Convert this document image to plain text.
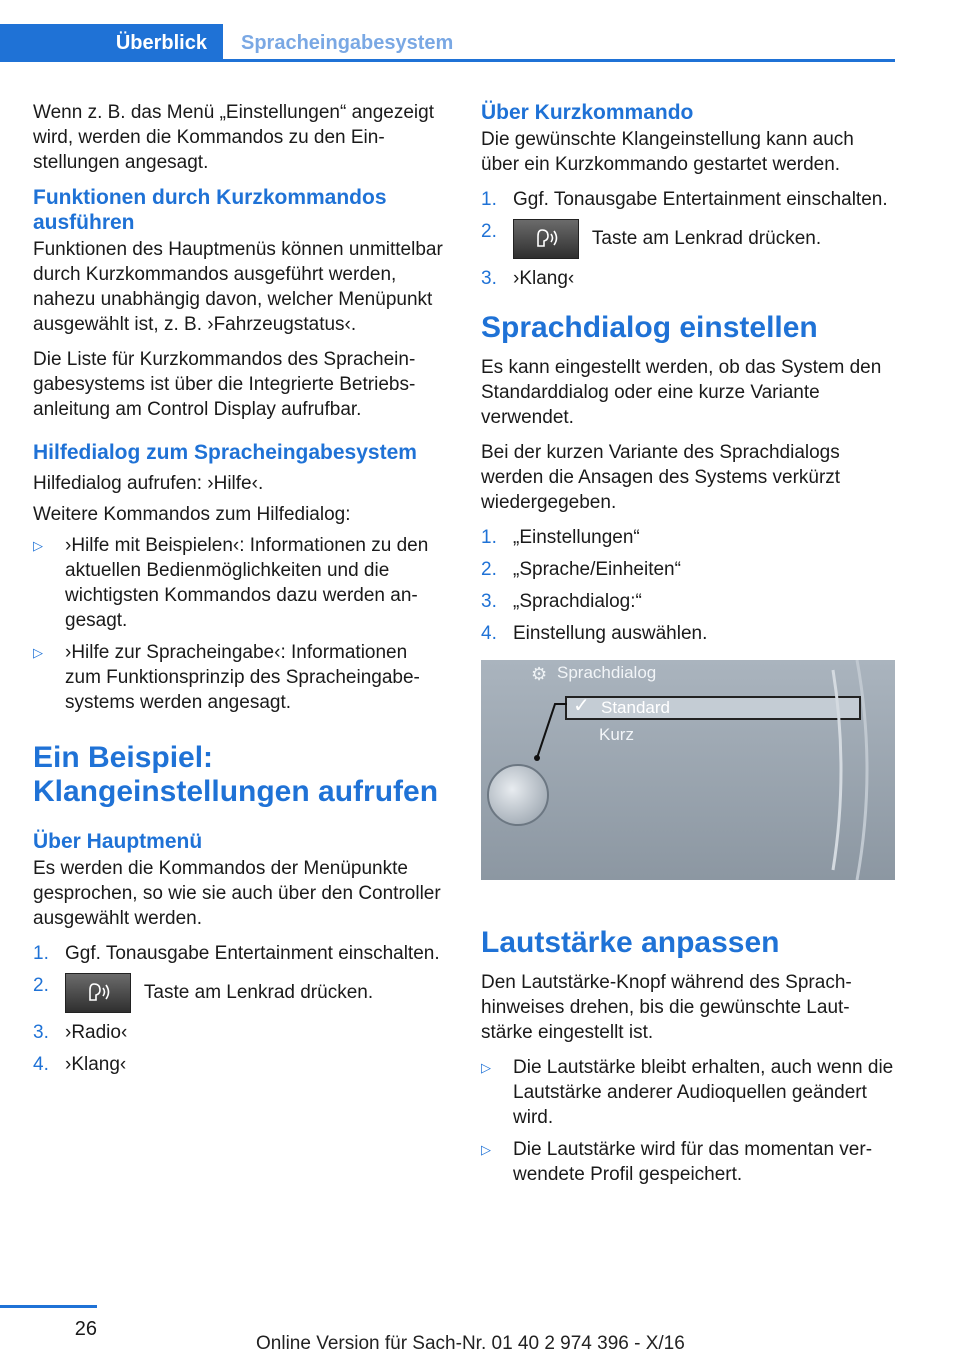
Überblick	Spracheingabesystem

Wenn z. B. das Menü „Einstellungen“ angezeigt wird, werden die Kommandos zu den Einstellungen angesagt.

Funktionen durch Kurzkommandos ausführen

Funktionen des Hauptmenüs können unmittelbar durch Kurzkommandos ausgeführt werden, nahezu unabhängig davon, welcher Menüpunkt ausgewählt ist, z. B. ›Fahrzeugstatus‹.

Die Liste für Kurzkommandos des Spracheingabesystems ist über die Integrierte Betriebsanleitung am Control Display aufrufbar.

Hilfedialog zum Spracheingabesystem

Hilfedialog aufrufen: ›Hilfe‹.

Weitere Kommandos zum Hilfedialog:

▷ ›Hilfe mit Beispielen‹: Informationen zu den aktuellen Bedienmöglichkeiten und die wichtigsten Kommandos dazu werden angesagt.
▷ ›Hilfe zur Spracheingabe‹: Informationen zum Funktionsprinzip des Spracheingabesystems werden angesagt.
Ein Beispiel: Klangeinstellungen aufrufen
Über Hauptmenü

Es werden die Kommandos der Menüpunkte gesprochen, so wie sie auch über den Controller ausgewählt werden.

1. Ggf. Tonausgabe Entertainment einschalten.
2.	Taste am Lenkrad drücken.
3. ›Radio‹
4. ›Klang‹
Über Kurzkommando

Die gewünschte Klangeinstellung kann auch über ein Kurzkommando gestartet werden.

1. Ggf. Tonausgabe Entertainment einschalten.
2.	Taste am Lenkrad drücken.
3. ›Klang‹
Sprachdialog einstellen

Es kann eingestellt werden, ob das System den Standarddialog oder eine kurze Variante verwendet.

Bei der kurzen Variante des Sprachdialogs werden die Ansagen des Systems verkürzt wiedergegeben.

1. „Einstellungen“
2. „Sprache/Einheiten“
3. „Sprachdialog:“
4. Einstellung auswählen.
Sprachdialog
⚙
Standard
✓
Kurz
Lautstärke anpassen

Den Lautstärke-Knopf während des Sprachhinweises drehen, bis die gewünschte Lautstärke eingestellt ist.

▷ Die Lautstärke bleibt erhalten, auch wenn die Lautstärke anderer Audioquellen geändert wird.
▷ Die Lautstärke wird für das momentan verwendete Profil gespeichert.
26
Online Version für Sach-Nr. 01 40 2 974 396 - X/16
